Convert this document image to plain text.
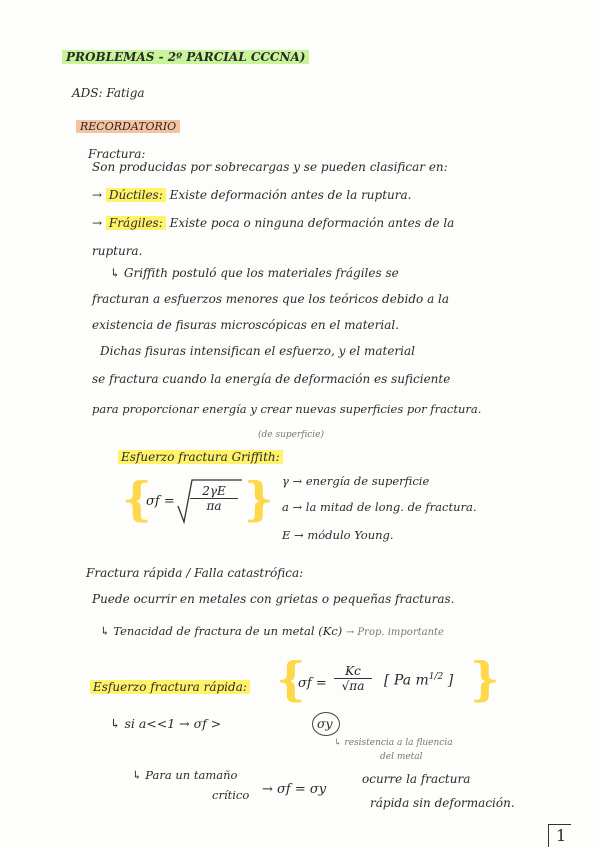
PROBLEMAS - 2º PARCIAL CCCNA)
ADS: Fatiga
RECORDATORIO
Fractura:
Son producidas por sobrecargas y se pueden clasificar en:
→ Dúctiles: Existe deformación antes de la ruptura.
→ Frágiles: Existe poca o ninguna deformación antes de la
ruptura.
↳ Griffith postuló que los materiales frágiles se
fracturan a esfuerzos menores que los teóricos debido a la
existencia de fisuras microscópicas en el material.
Dichas fisuras intensifican el esfuerzo, y el material
se fractura cuando la energía de deformación es suficiente
para proporcionar energía y crear nuevas superficies por fractura.
(de superficie)
Esfuerzo fractura Griffith:
{
$\sigma f = \frac{2\gamma E}{\pi a}$ } γ → energía de superficie
a → la mitad de long. de fractura.
E → módulo Young.
Fractura rápida / Falla catastrófica:
Puede ocurrir en metales con grietas o pequeñas fracturas.
↳ Tenacidad de fractura de un metal (Kc) → Prop. importante
Esfuerzo fractura rápida: {
$\sigma f = \frac{Kc}{√\pi a}$ [ Pa $m^{1/2}$ ] }
↳ si a<<1 → σf >	σy
↳ resistencia a la fluencia
del metal
↳ Para un tamaño
crítico → σf = σy
ocurre la fractura
rápida sin deformación.
1
